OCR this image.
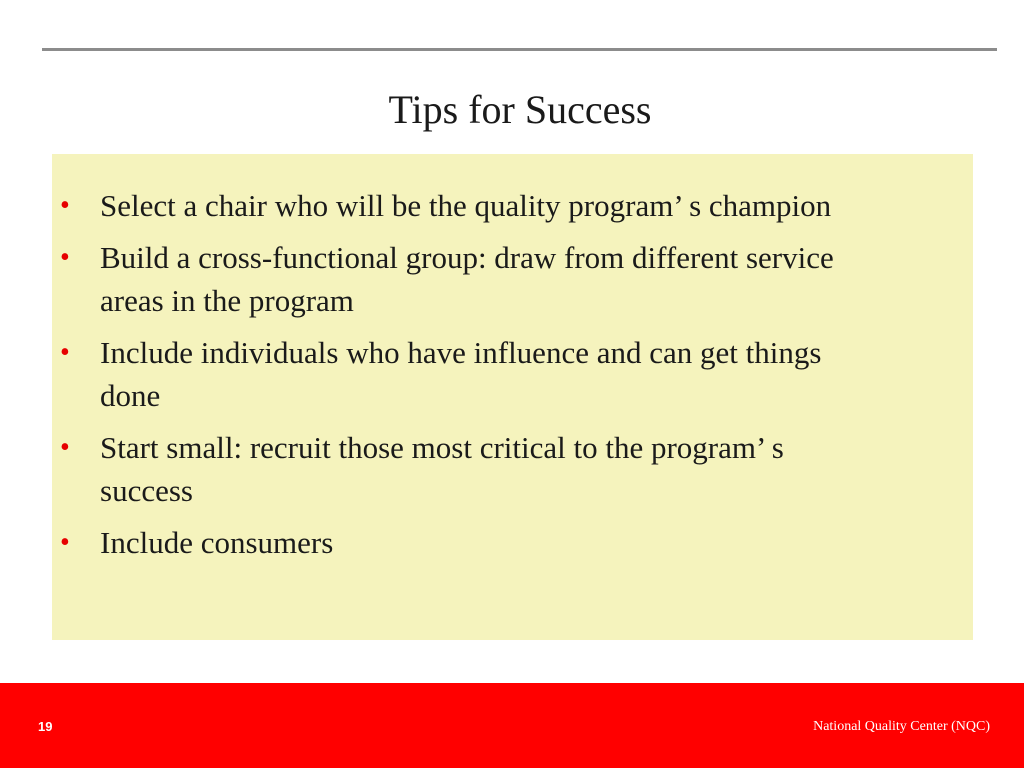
Tips for Success
• Select a chair who will be the quality program’ s champion
• Build a cross-functional group: draw from different service areas in the program
• Include individuals who have influence and can get things done
• Start small: recruit those most critical to the program’ s success
• Include consumers
19	National Quality Center (NQC)
